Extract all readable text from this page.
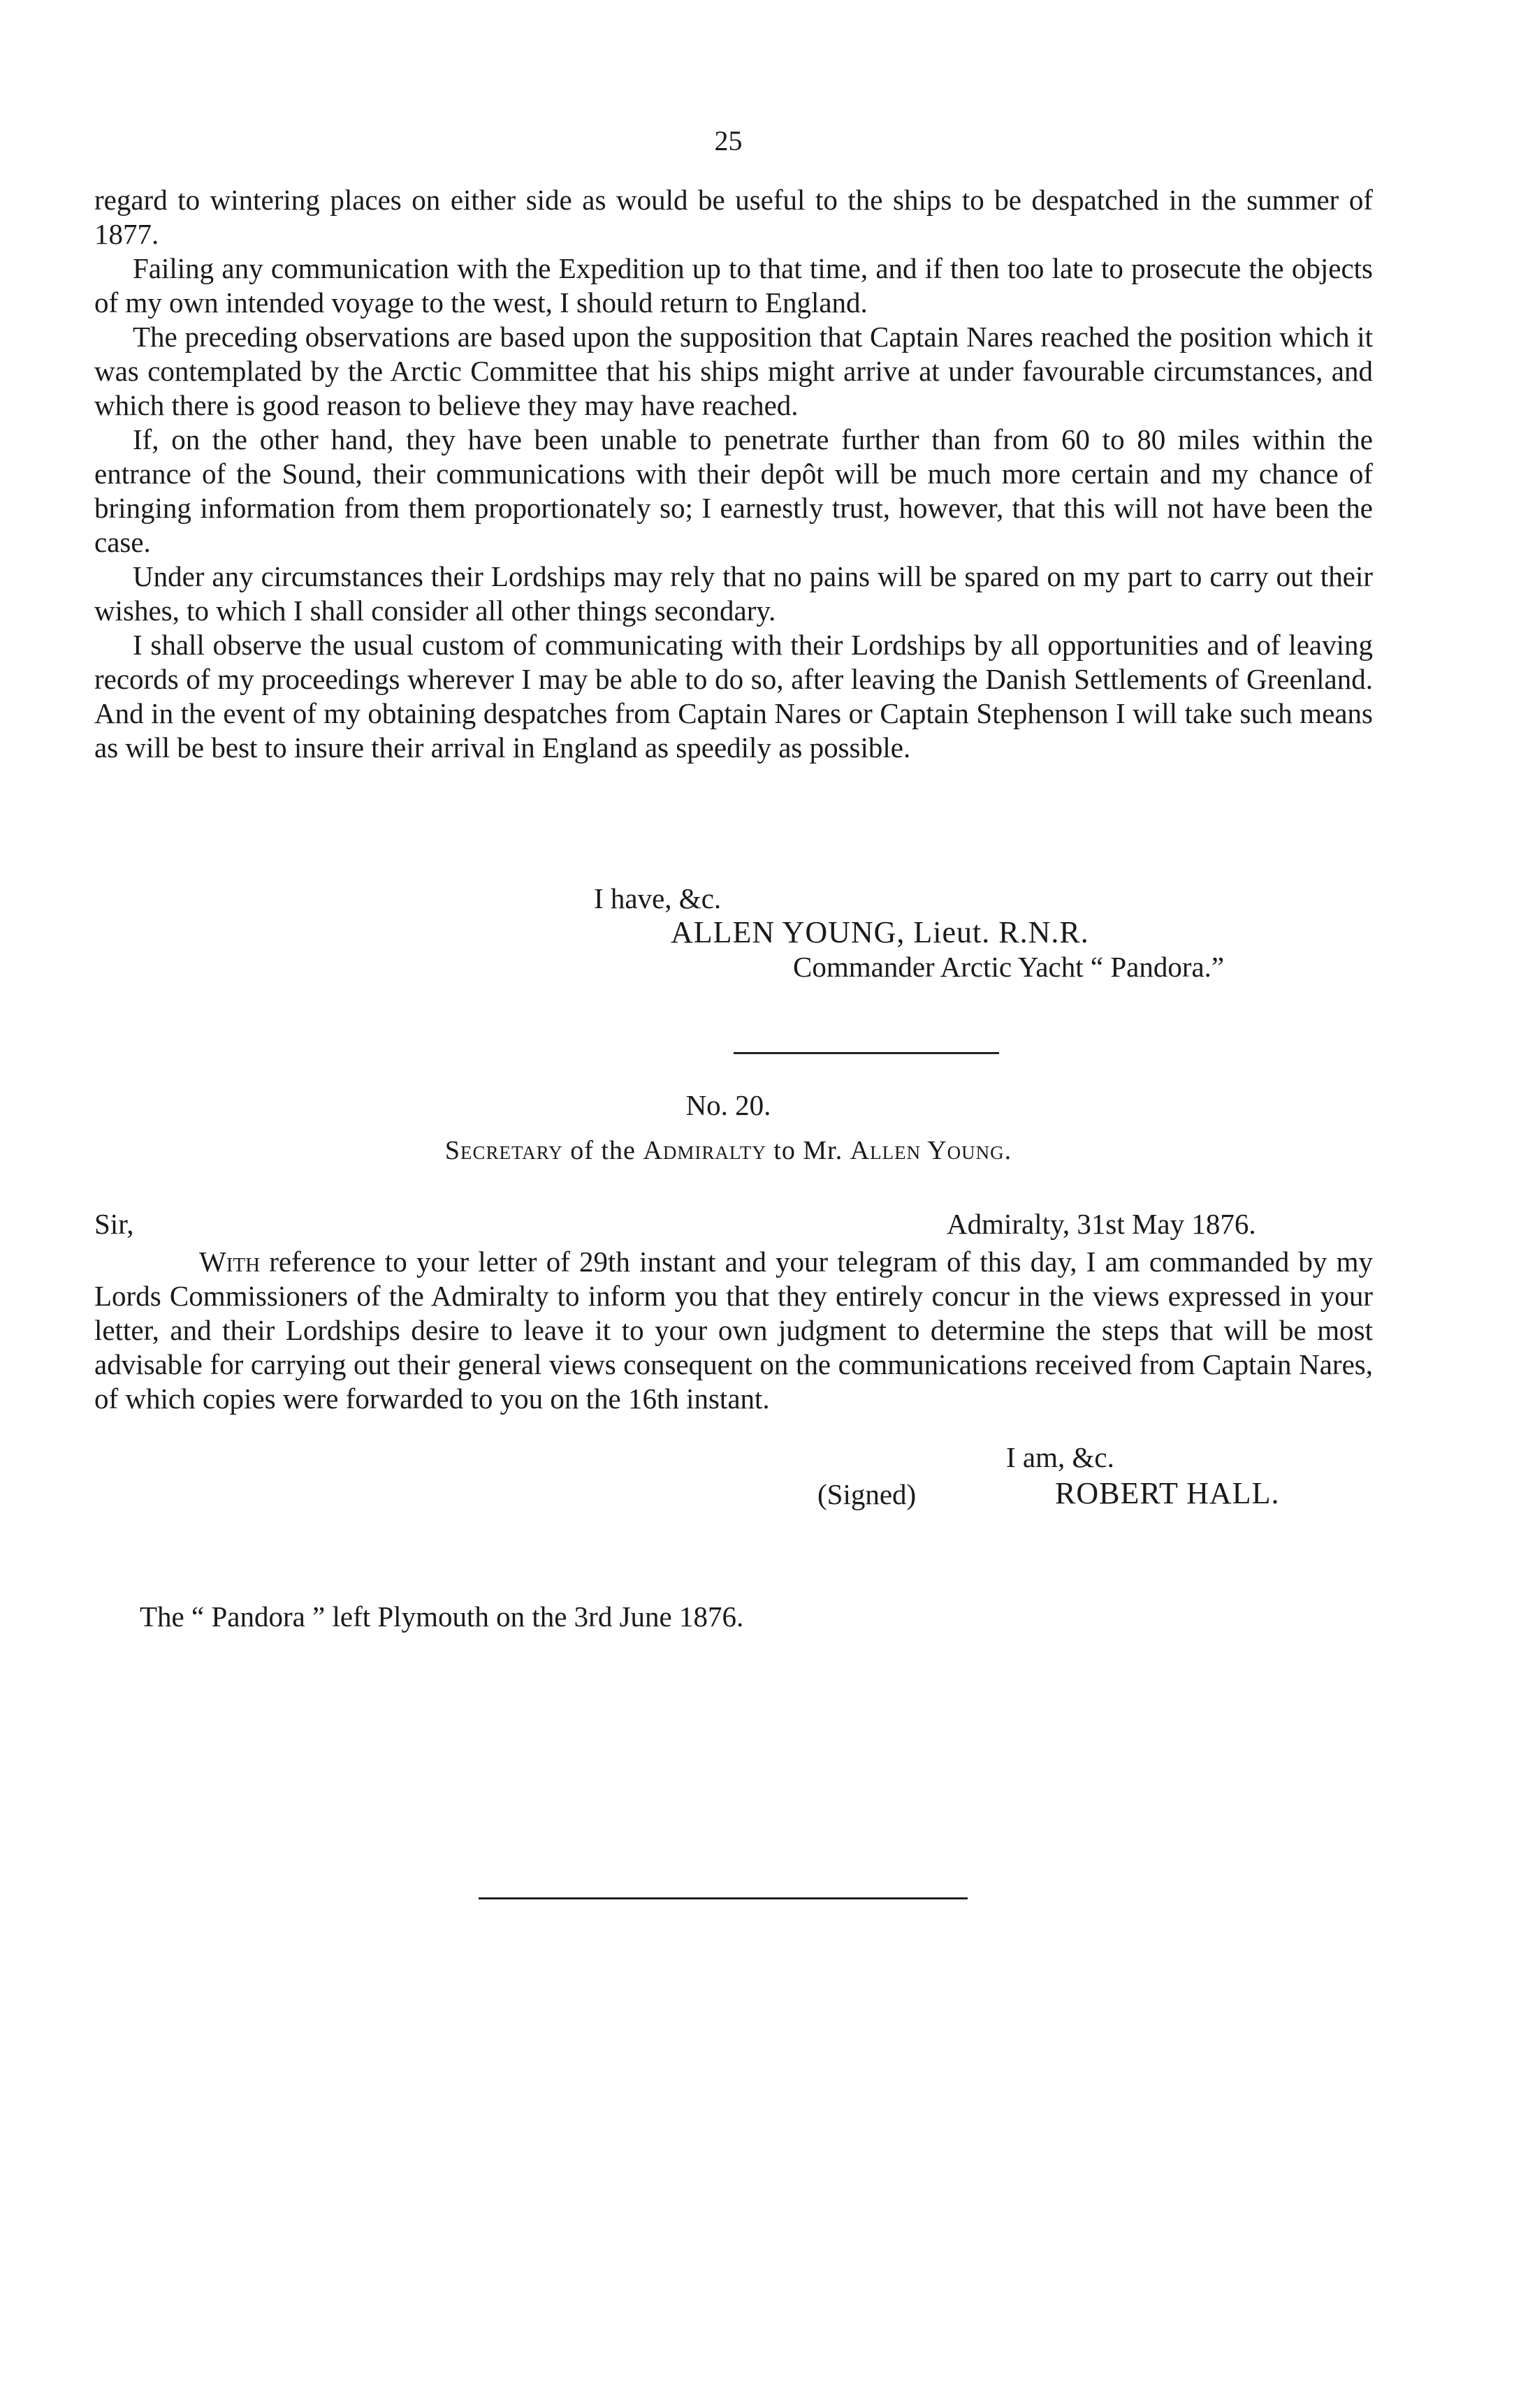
25

regard to wintering places on either side as would be useful to the ships to be despatched in the summer of 1877.

Failing any communication with the Expedition up to that time, and if then too late to prosecute the objects of my own intended voyage to the west, I should return to England.

The preceding observations are based upon the supposition that Captain Nares reached the position which it was contemplated by the Arctic Committee that his ships might arrive at under favourable circumstances, and which there is good reason to believe they may have reached.

If, on the other hand, they have been unable to penetrate further than from 60 to 80 miles within the entrance of the Sound, their communications with their depôt will be much more certain and my chance of bringing information from them proportionately so; I earnestly trust, however, that this will not have been the case.

Under any circumstances their Lordships may rely that no pains will be spared on my part to carry out their wishes, to which I shall consider all other things secondary.

I shall observe the usual custom of communicating with their Lordships by all opportunities and of leaving records of my proceedings wherever I may be able to do so, after leaving the Danish Settlements of Greenland. And in the event of my obtaining despatches from Captain Nares or Captain Stephenson I will take such means as will be best to insure their arrival in England as speedily as possible.

I have, &c.
ALLEN YOUNG, Lieut. R.N.R.
Commander Arctic Yacht “ Pandora.”
No. 20.
Secretary of the Admiralty to Mr. Allen Young.
Sir,	Admiralty, 31st May 1876.

With reference to your letter of 29th instant and your telegram of this day, I am commanded by my Lords Commissioners of the Admiralty to inform you that they entirely concur in the views expressed in your letter, and their Lordships desire to leave it to your own judgment to determine the steps that will be most advisable for carrying out their general views consequent on the communications received from Captain Nares, of which copies were forwarded to you on the 16th instant.

I am, &c.
(Signed)	ROBERT HALL.
The “ Pandora ” left Plymouth on the 3rd June 1876.
